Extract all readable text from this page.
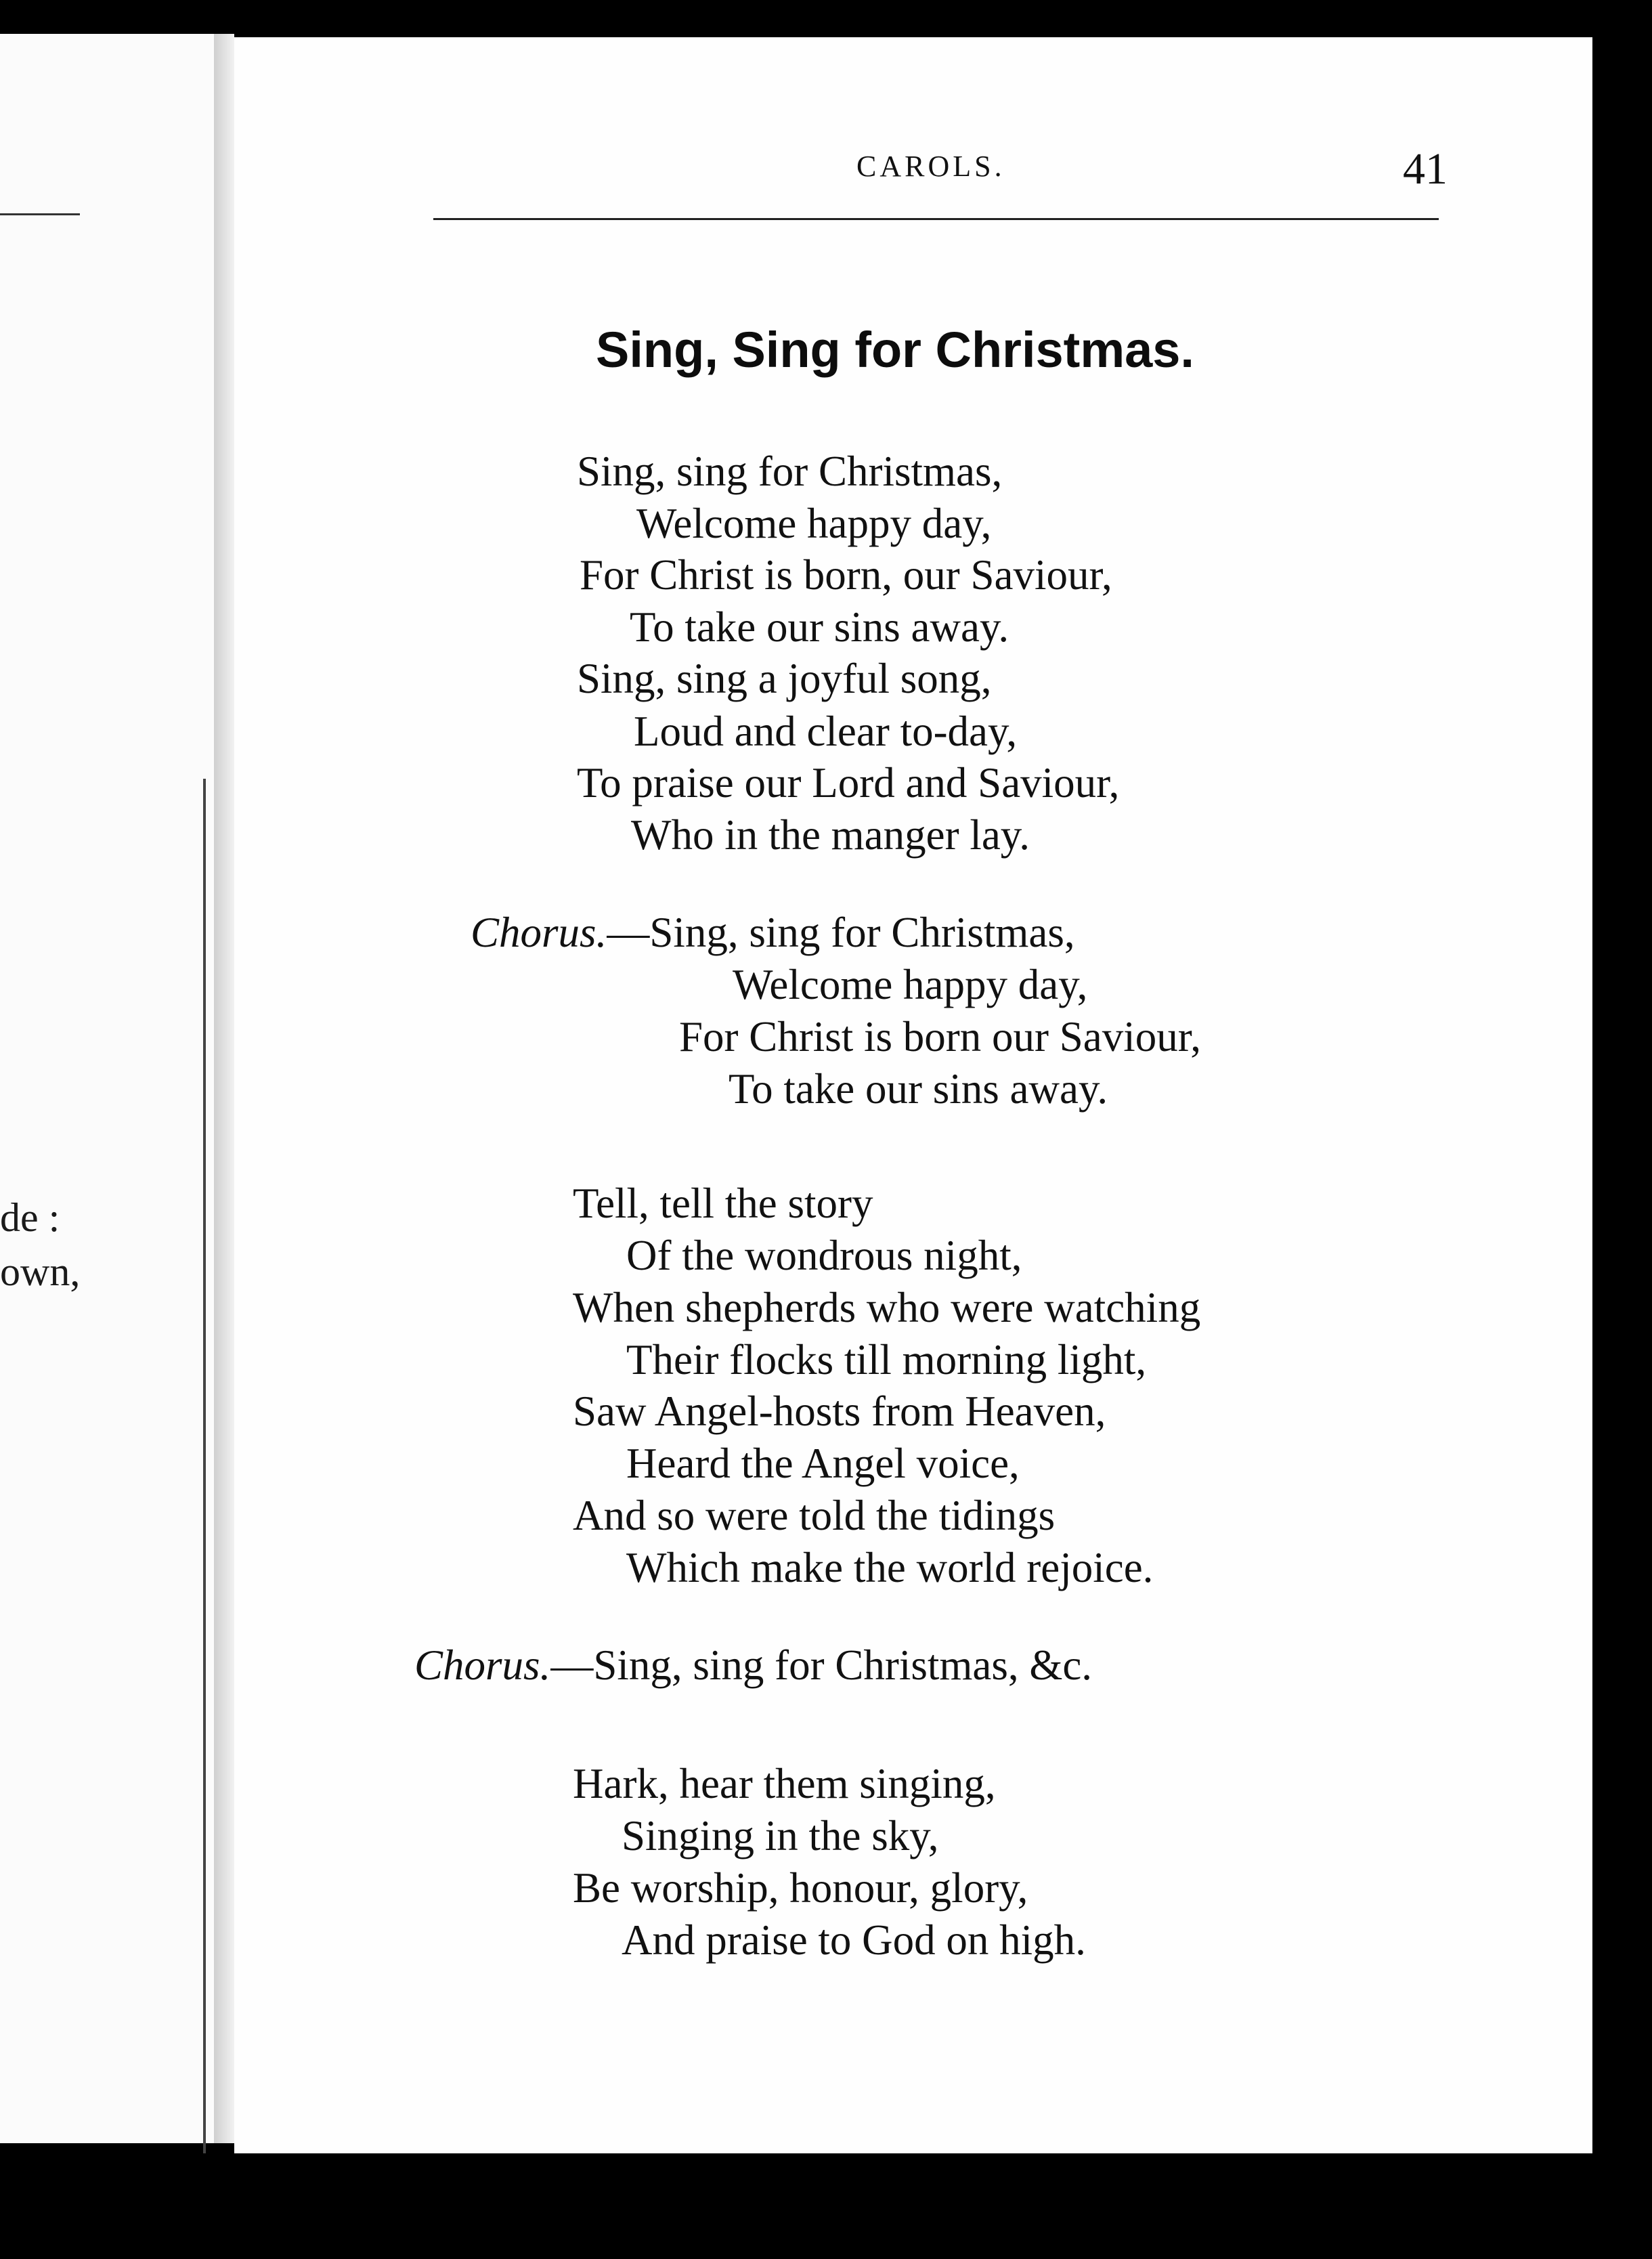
de :
own,
CAROLS.	41
Sing, Sing for Christmas.
Sing, sing for Christmas,
Welcome happy day,
For Christ is born, our Saviour,
To take our sins away.
Sing, sing a joyful song,
Loud and clear to-day,
To praise our Lord and Saviour,
Who in the manger lay.
Chorus.—Sing, sing for Christmas,
Welcome happy day,
For Christ is born our Saviour,
To take our sins away.
Tell, tell the story
Of the wondrous night,
When shepherds who were watching
Their flocks till morning light,
Saw Angel-hosts from Heaven,
Heard the Angel voice,
And so were told the tidings
Which make the world rejoice.
Chorus.—Sing, sing for Christmas, &c.
Hark, hear them singing,
Singing in the sky,
Be worship, honour, glory,
And praise to God on high.
